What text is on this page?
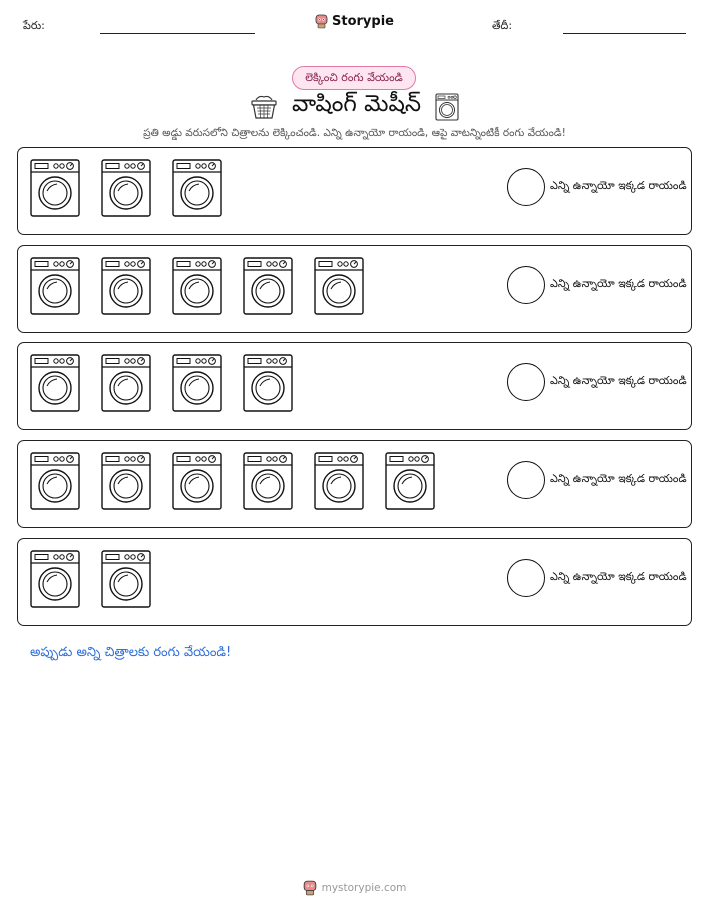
పేరు:	Storypie	తేదీ:
లెక్కించి రంగు వేయండి
వాషింగ్ మెషీన్
ప్రతి అడ్డు వరుసలోని చిత్రాలను లెక్కించండి. ఎన్ని ఉన్నాయో రాయండి, ఆపై వాటన్నింటికీ రంగు వేయండి!
ఎన్ని ఉన్నాయో ఇక్కడ రాయండి
ఎన్ని ఉన్నాయో ఇక్కడ రాయండి
ఎన్ని ఉన్నాయో ఇక్కడ రాయండి
ఎన్ని ఉన్నాయో ఇక్కడ రాయండి
ఎన్ని ఉన్నాయో ఇక్కడ రాయండి
అప్పుడు అన్ని చిత్రాలకు రంగు వేయండి!
mystorypie.com
